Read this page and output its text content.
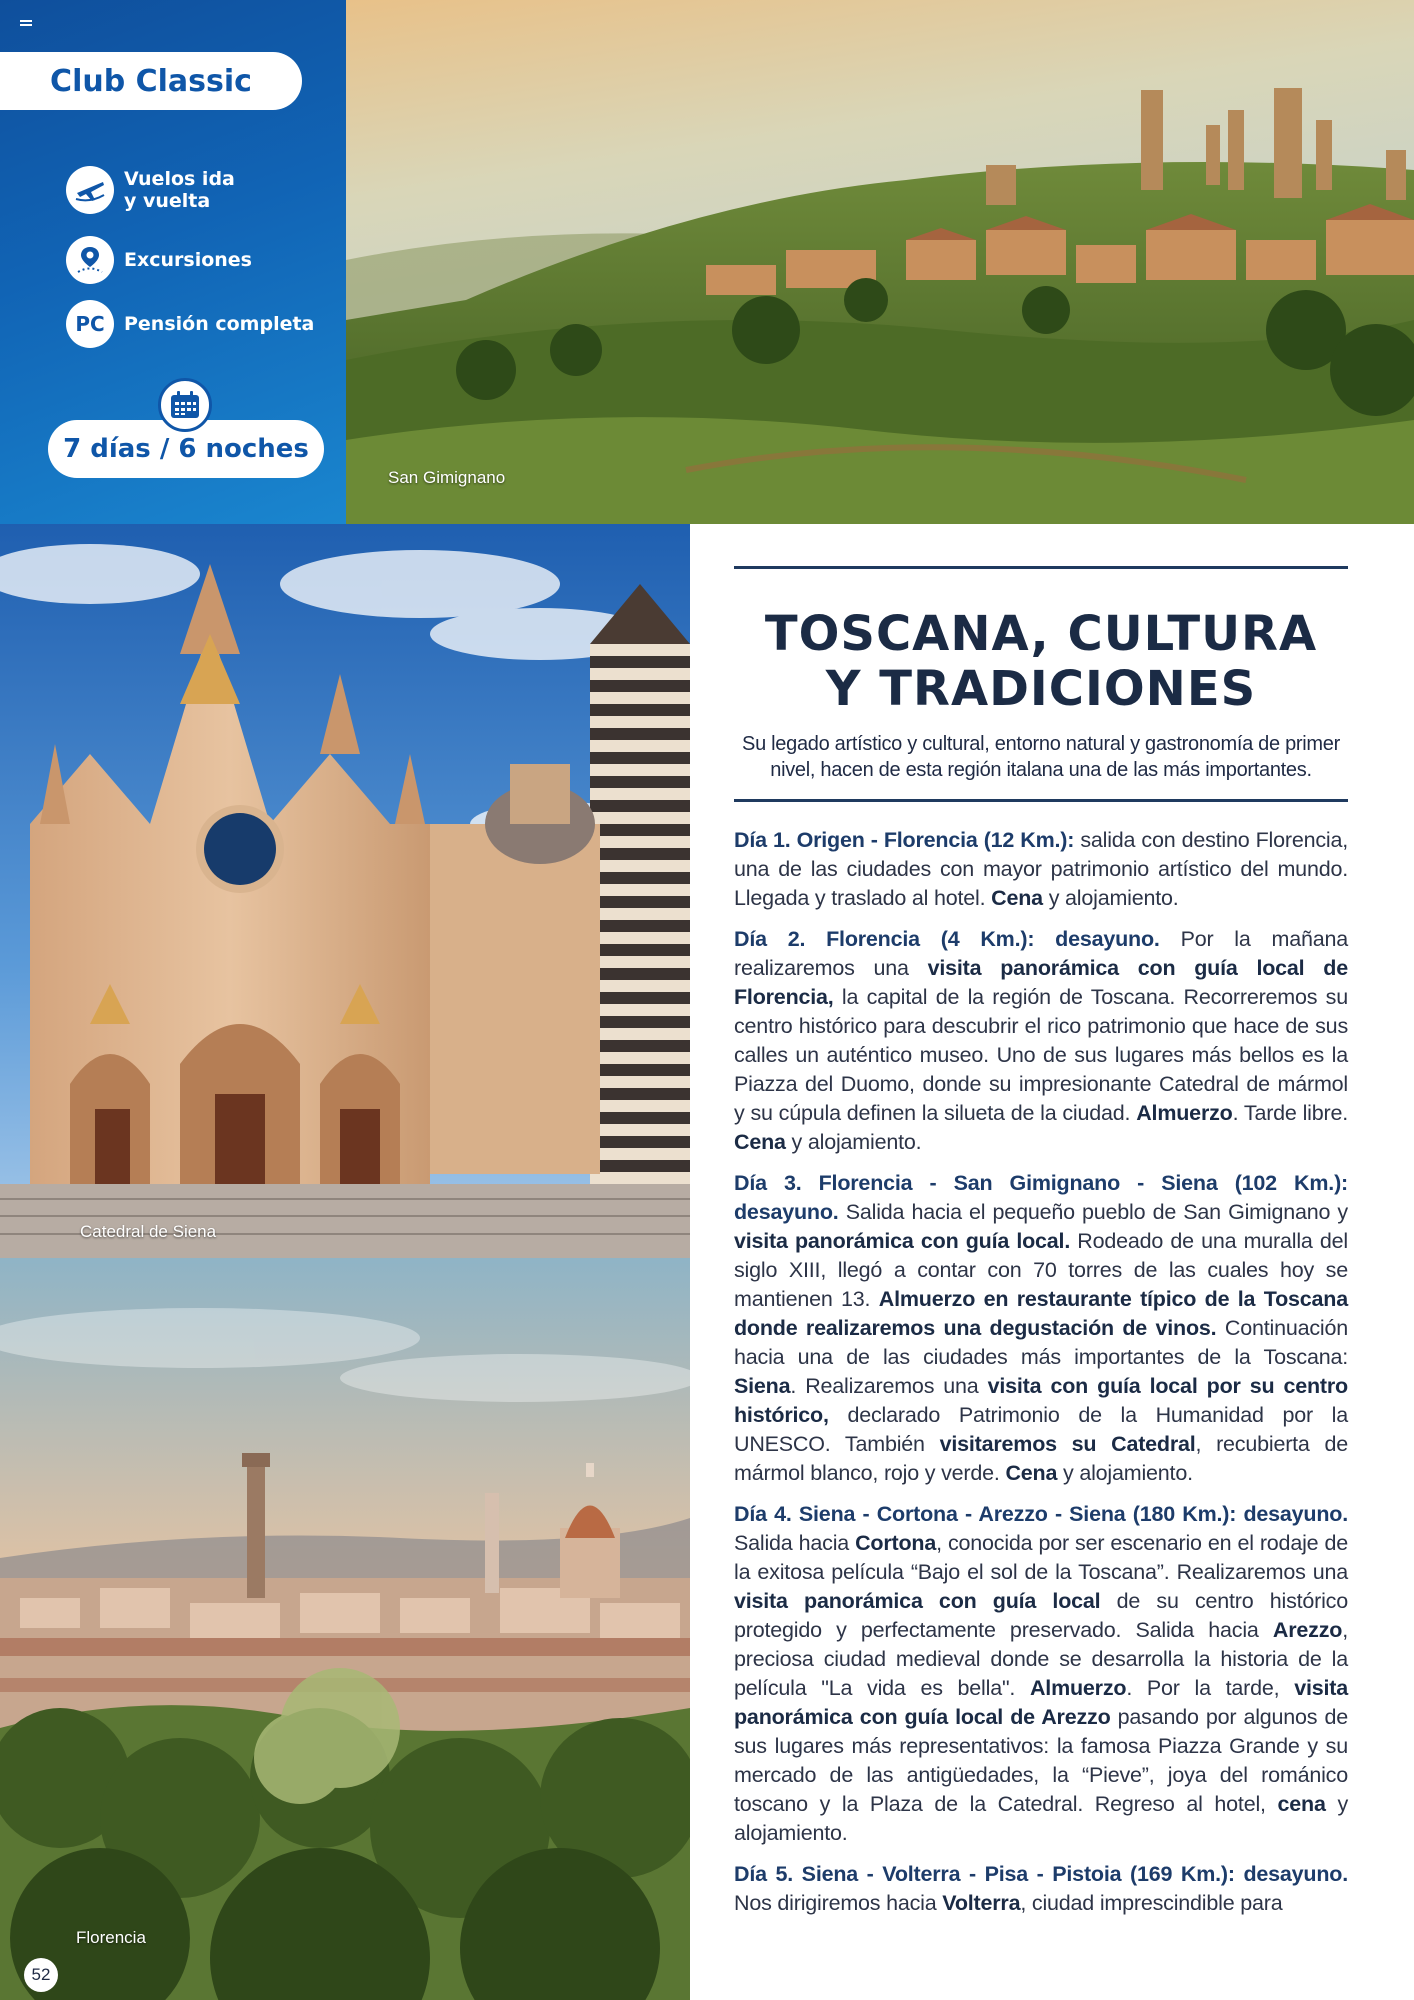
Club Classic
Vuelos ida
y vuelta
Excursiones
PC Pensión completa
7 días / 6 noches
San Gimignano
Catedral de Siena
Florencia
52
TOSCANA, CULTURA
Y TRADICIONES

Su legado artístico y cultural, entorno natural y gastronomía de primer nivel, hacen de esta región italana una de las más importantes.

Día 1. Origen - Florencia (12 Km.): salida con destino Florencia, una de las ciudades con mayor patrimonio artístico del mundo. Llegada y traslado al hotel. Cena y alojamiento.

Día 2. Florencia (4 Km.): desayuno. Por la mañana realizaremos una visita panorámica con guía local de Florencia, la capital de la región de Toscana. Recorreremos su centro histórico para descubrir el rico patrimonio que hace de sus calles un auténtico museo. Uno de sus lugares más bellos es la Piazza del Duomo, donde su impresionante Catedral de mármol y su cúpula definen la silueta de la ciudad. Almuerzo. Tarde libre. Cena y alojamiento.

Día 3. Florencia - San Gimignano - Siena (102 Km.): desayuno. Salida hacia el pequeño pueblo de San Gimignano y visita panorámica con guía local. Rodeado de una muralla del siglo XIII, llegó a contar con 70 torres de las cuales hoy se mantienen 13. Almuerzo en restaurante típico de la Toscana donde realizaremos una degustación de vinos. Continuación hacia una de las ciudades más importantes de la Toscana: Siena. Realizaremos una visita con guía local por su centro histórico, declarado Patrimonio de la Humanidad por la UNESCO. También visitaremos su Catedral, recubierta de mármol blanco, rojo y verde. Cena y alojamiento.

Día 4. Siena - Cortona - Arezzo - Siena (180 Km.): desayuno. Salida hacia Cortona, conocida por ser escenario en el rodaje de la exitosa película “Bajo el sol de la Toscana”. Realizaremos una visita panorámica con guía local de su centro histórico protegido y perfectamente preservado. Salida hacia Arezzo, preciosa ciudad medieval donde se desarrolla la historia de la película "La vida es bella". Almuerzo. Por la tarde, visita panorámica con guía local de Arezzo pasando por algunos de sus lugares más representativos: la famosa Piazza Grande y su mercado de las antigüedades, la “Pieve”, joya del románico toscano y la Plaza de la Catedral. Regreso al hotel, cena y alojamiento.

Día 5. Siena - Volterra - Pisa - Pistoia (169 Km.): desayuno. Nos dirigiremos hacia Volterra, ciudad imprescindible para
